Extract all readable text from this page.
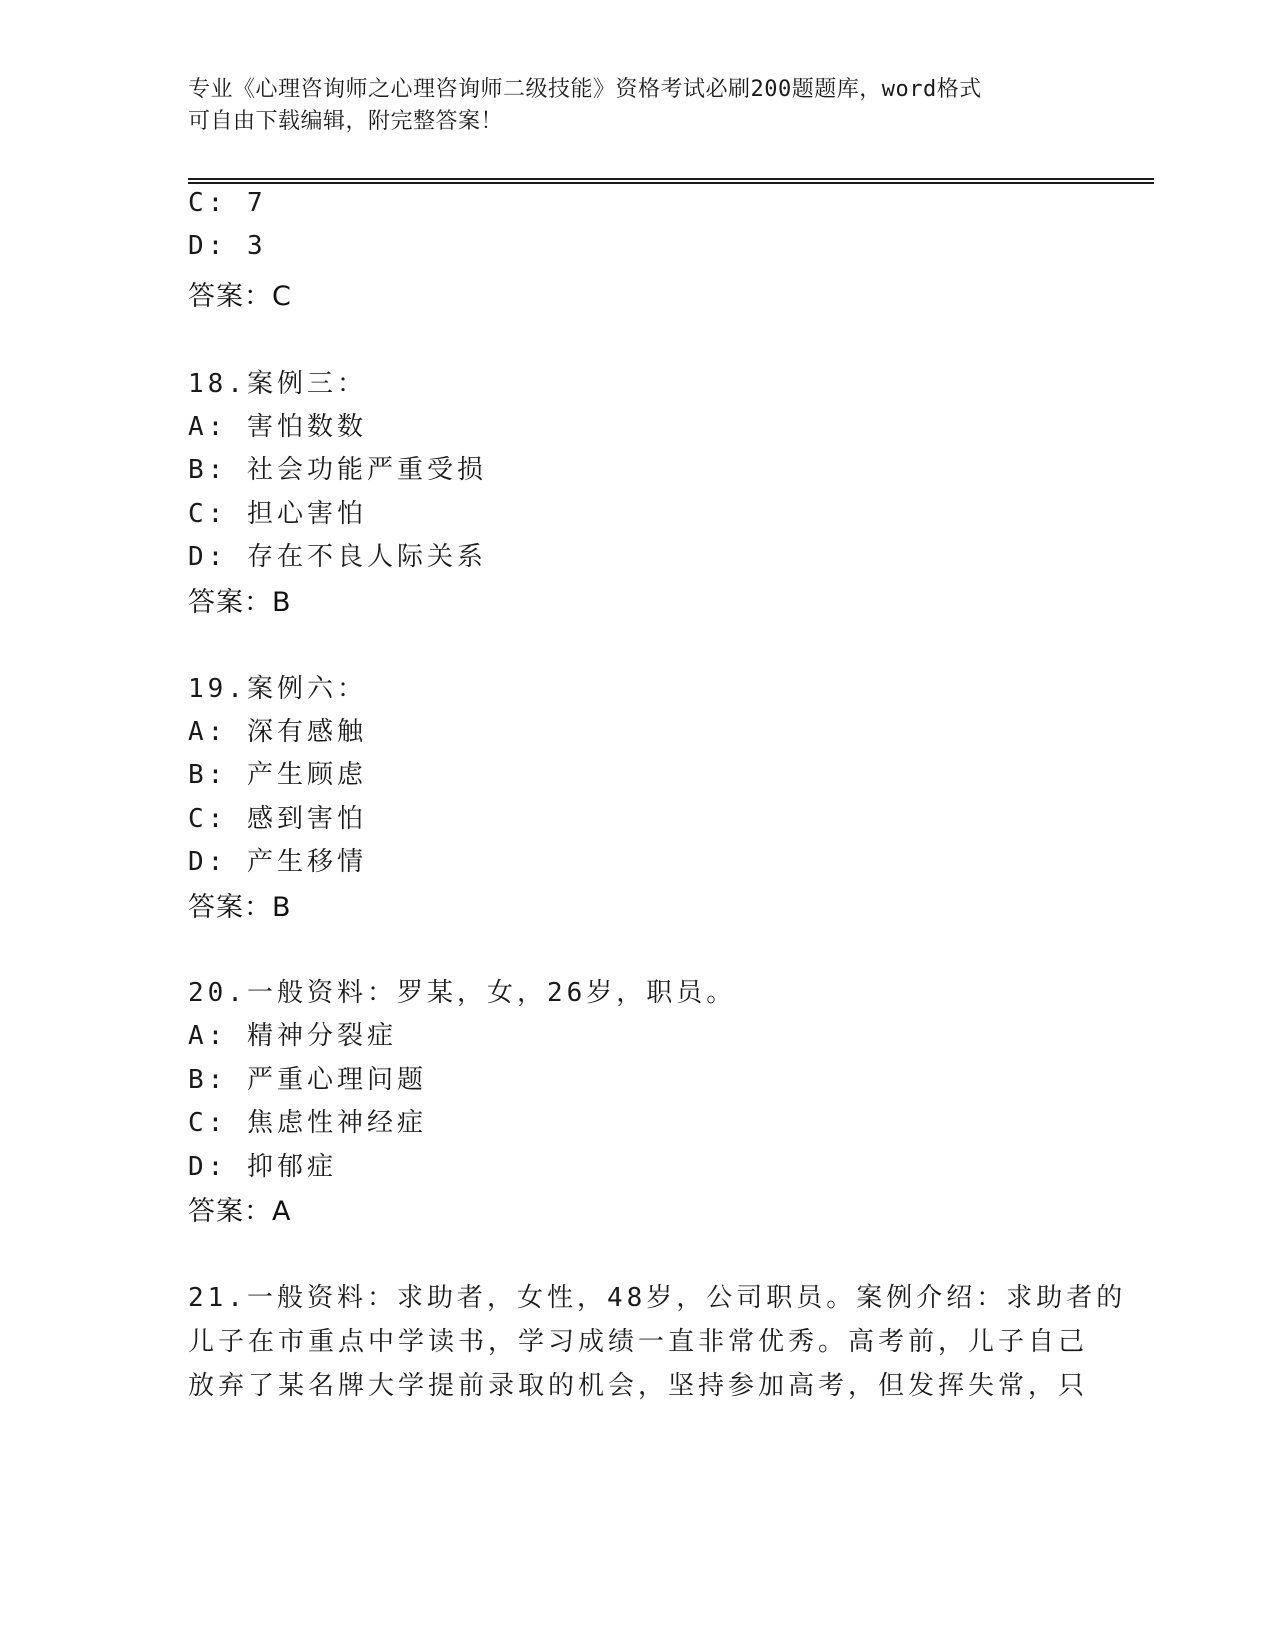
专业《心理咨询师之心理咨询师二级技能》资格考试必刷200题题库，word格式
可自由下载编辑，附完整答案！
C: 7
D: 3
答案：C
18.案例三：
A: 害怕数数
B: 社会功能严重受损
C: 担心害怕
D: 存在不良人际关系
答案：B
19.案例六：
A: 深有感触
B: 产生顾虑
C: 感到害怕
D: 产生移情
答案：B
20.一般资料：罗某，女，26岁，职员。
A: 精神分裂症
B: 严重心理问题
C: 焦虑性神经症
D: 抑郁症
答案：A
21.一般资料：求助者，女性，48岁，公司职员。案例介绍：求助者的
儿子在市重点中学读书，学习成绩一直非常优秀。高考前，儿子自己
放弃了某名牌大学提前录取的机会，坚持参加高考，但发挥失常，只
